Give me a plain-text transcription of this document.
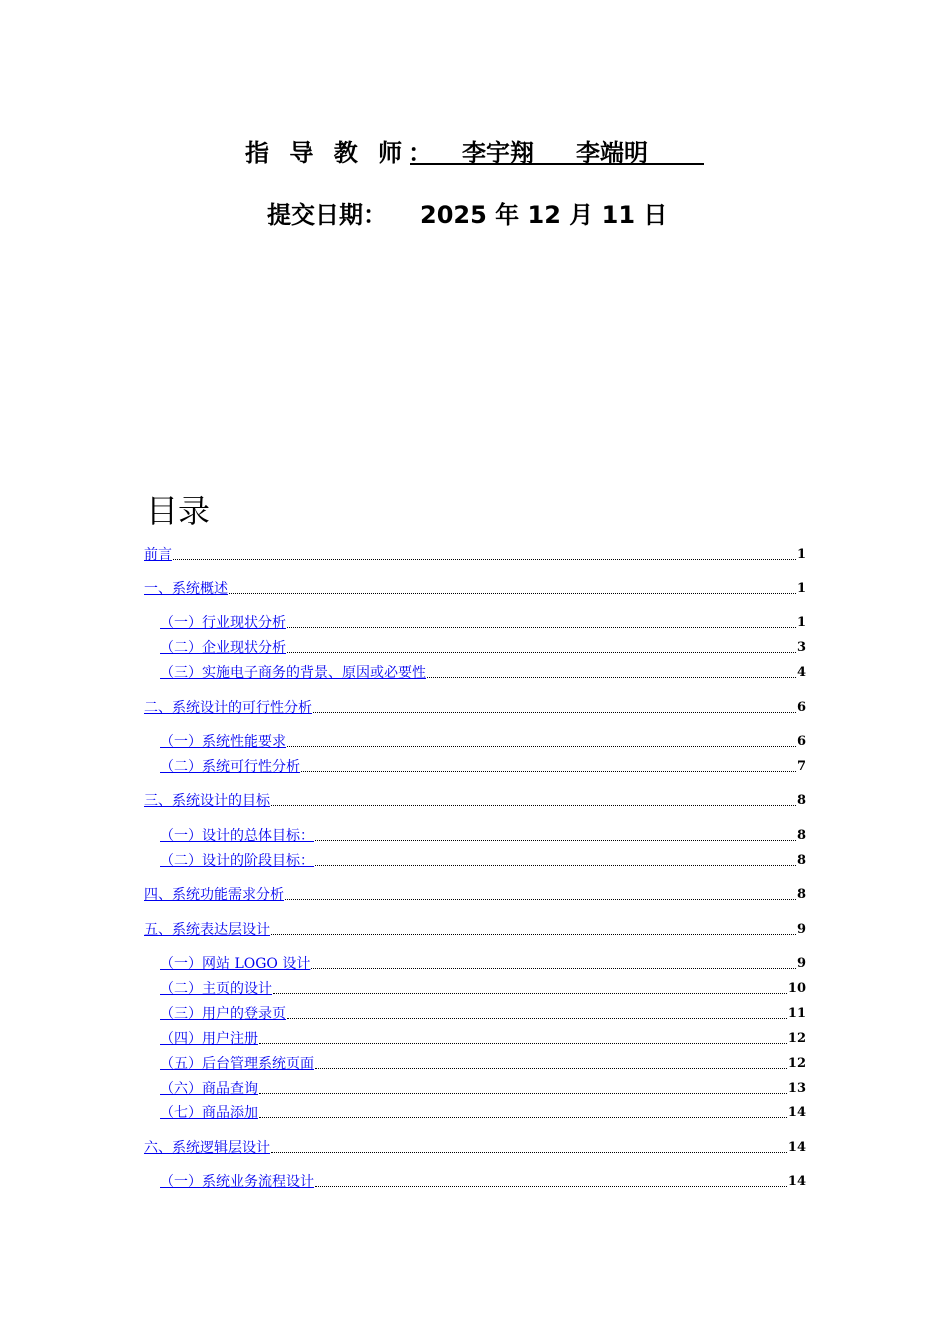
指 导 教 师： 李宇翔 李端明
提交日期： 2025 年 12 月 11 日
目录
前言	1
一、系统概述	1
（一）行业现状分析	1
（二）企业现状分析	3
（三）实施电子商务的背景、原因或必要性	4
二、系统设计的可行性分析	6
（一）系统性能要求	6
（二）系统可行性分析	7
三、系统设计的目标	8
（一）设计的总体目标：	8
（二）设计的阶段目标：	8
四、系统功能需求分析	8
五、系统表达层设计	9
（一）网站 LOGO 设计	9
（二）主页的设计	10
（三）用户的登录页	11
（四）用户注册	12
（五）后台管理系统页面	12
（六）商品查询	13
（七）商品添加	14
六、系统逻辑层设计	14
（一）系统业务流程设计	14
